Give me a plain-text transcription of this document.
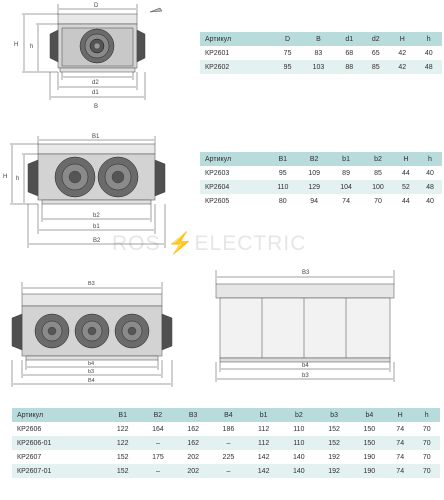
ROS ⚡ELECTRIC
D
H h
d2
d1
B
Артикул	D	B	d1	d2	H	h
КР2601	75	83	68	65	42	40
КР2602	95	103	88	85	42	48
B1
H h
b2
b1
B2
Артикул	B1	B2	b1	b2	H	h
КР2603	95	109	89	85	44	40
КР2604	110	129	104	100	52	48
КР2605	80	94	74	70	44	40
B3
b4
b3
B4
B3
b4
b3
Артикул	B1	B2	B3	B4	b1	b2	b3	b4	H	h
КР2606	122	164	162	186	112	110	152	150	74	70
КР2606-01	122	–	162	–	112	110	152	150	74	70
КР2607	152	175	202	225	142	140	192	190	74	70
КР2607-01	152	–	202	–	142	140	192	190	74	70
